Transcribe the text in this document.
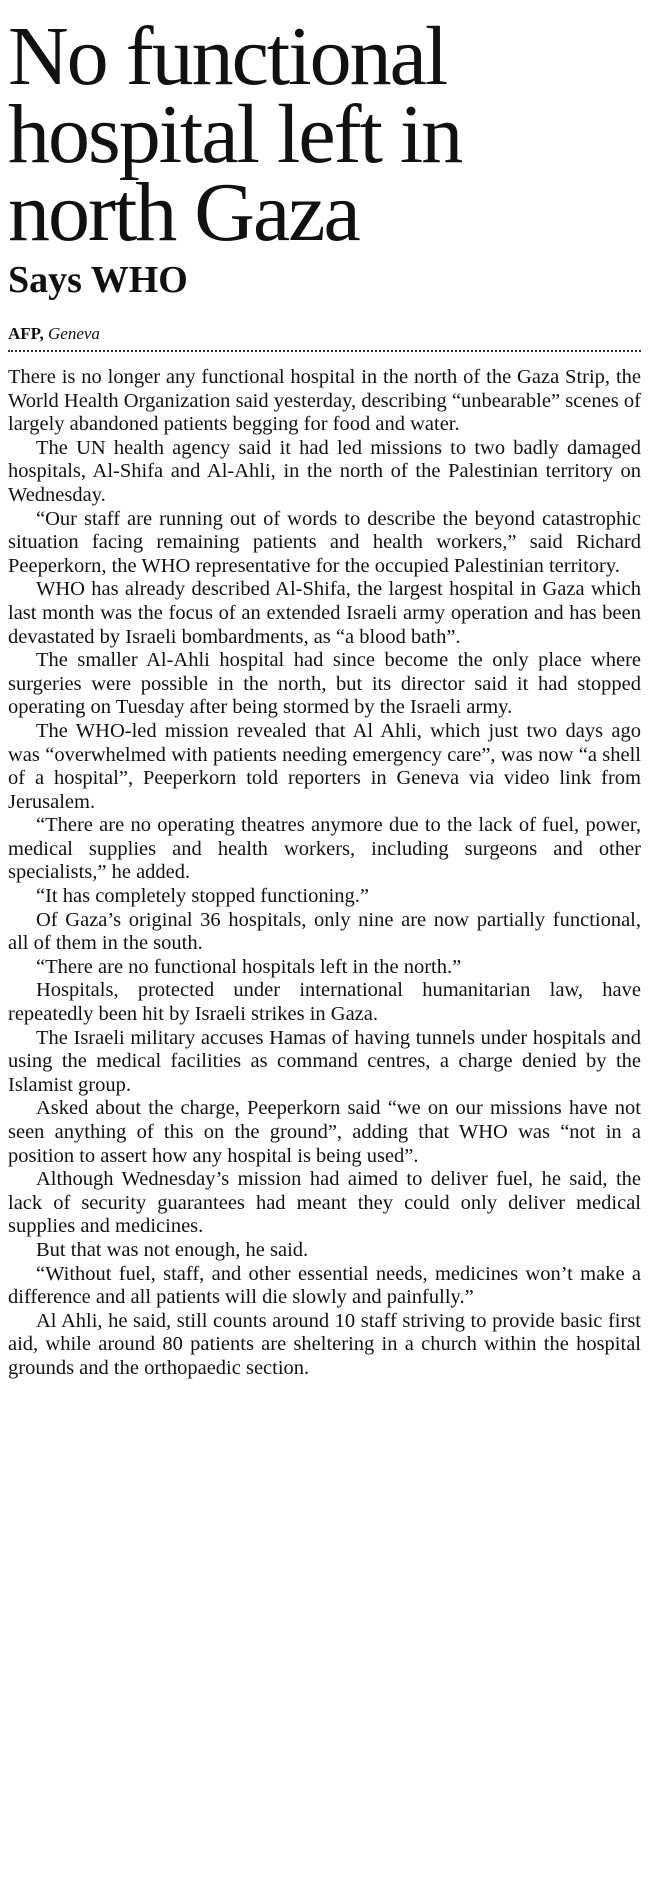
No functional
hospital left in
north Gaza
Says WHO
AFP, Geneva

There is no longer any functional hospital in the north of the Gaza Strip, the World Health Organization said yesterday, describing “unbearable” scenes of largely abandoned patients begging for food and water.

The UN health agency said it had led missions to two badly damaged hospitals, Al-Shifa and Al-Ahli, in the north of the Palestinian territory on Wednesday.

“Our staff are running out of words to describe the beyond catastrophic situation facing remaining patients and health workers,” said Richard Peeperkorn, the WHO representative for the occupied Palestinian territory.

WHO has already described Al-Shifa, the largest hospital in Gaza which last month was the focus of an extended Israeli army operation and has been devastated by Israeli bombardments, as “a blood bath”.

The smaller Al-Ahli hospital had since become the only place where surgeries were possible in the north, but its director said it had stopped operating on Tuesday after being stormed by the Israeli army.

The WHO-led mission revealed that Al Ahli, which just two days ago was “overwhelmed with patients needing emergency care”, was now “a shell of a hospital”, Peeperkorn told reporters in Geneva via video link from Jerusalem.

“There are no operating theatres anymore due to the lack of fuel, power, medical supplies and health workers, including surgeons and other specialists,” he added.

“It has completely stopped functioning.”

Of Gaza’s original 36 hospitals, only nine are now partially functional, all of them in the south.

“There are no functional hospitals left in the north.”

Hospitals, protected under international humanitarian law, have repeatedly been hit by Israeli strikes in Gaza.

The Israeli military accuses Hamas of having tunnels under hospitals and using the medical facilities as command centres, a charge denied by the Islamist group.

Asked about the charge, Peeperkorn said “we on our missions have not seen anything of this on the ground”, adding that WHO was “not in a position to assert how any hospital is being used”.

Although Wednesday’s mission had aimed to deliver fuel, he said, the lack of security guarantees had meant they could only deliver medical supplies and medicines.

But that was not enough, he said.

“Without fuel, staff, and other essential needs, medicines won’t make a difference and all patients will die slowly and painfully.”

Al Ahli, he said, still counts around 10 staff striving to provide basic first aid, while around 80 patients are sheltering in a church within the hospital grounds and the orthopaedic section.
